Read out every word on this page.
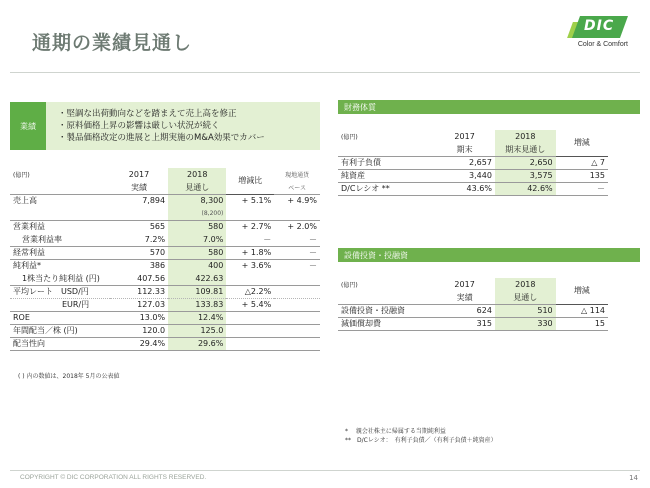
通期の業績見通し
DIC
Color & Comfort
業績
・ 堅調な出荷動向などを踏まえて売上高を修正
・ 原料価格上昇の影響は厳しい状況が続く
・ 製品価格改定の進展と上期実施のM&A効果でカバー
(億円)	2017	2018	増減比	現地通貨
	実績	見通し		ベース
売上高	7,894	8,300	+ 5.1%	+ 4.9%
		(8,200)		
営業利益	565	580	+ 2.7%	+ 2.0%
営業利益率	7.2%	7.0%	－	－
経常利益	570	580	+ 1.8%	－
純利益*	386	400	+ 3.6%	－
1株当たり純利益 (円)	407.56	422.63		
平均レート　USD/円	112.33	109.81	△2.2%	
EUR/円	127.03	133.83	+ 5.4%	
ROE	13.0%	12.4%		
年間配当／株 (円)	120.0	125.0		
配当性向	29.4%	29.6%		
( ) 内の数値は、2018年 5月の公表値
財務体質
(億円)	2017	2018	増減
	期末	期末見通し	
有利子負債	2,657	2,650	△ 7
純資産	3,440	3,575	135
D/Cレシオ **	43.6%	42.6%	－
設備投資・投融資
(億円)	2017	2018	増減
	実績	見通し	
設備投資・投融資	624	510	△ 114
減価償却費	315	330	15
*　 親会社株主に帰属する当期純利益
**　D/Cレシオ：　有利子負債／（有利子負債＋純資産）
COPYRIGHT © DIC CORPORATION ALL RIGHTS RESERVED.	14
